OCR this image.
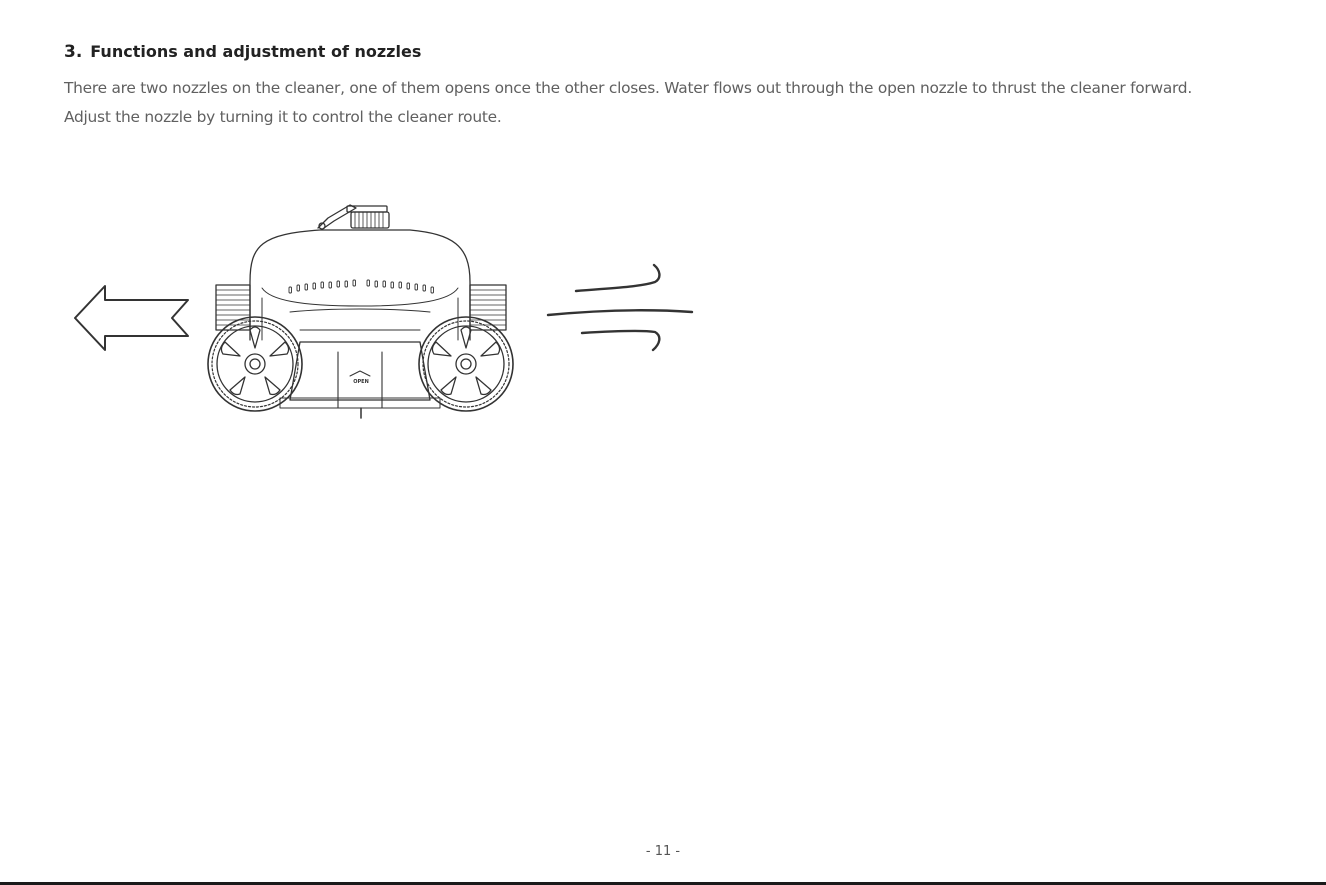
3. Functions and adjustment of nozzles

There are two nozzles on the cleaner, one of them opens once the other closes. Water flows out through the open nozzle to thrust the cleaner forward.
Adjust the nozzle by turning it to control the cleaner route.

OPEN
- 11 -
